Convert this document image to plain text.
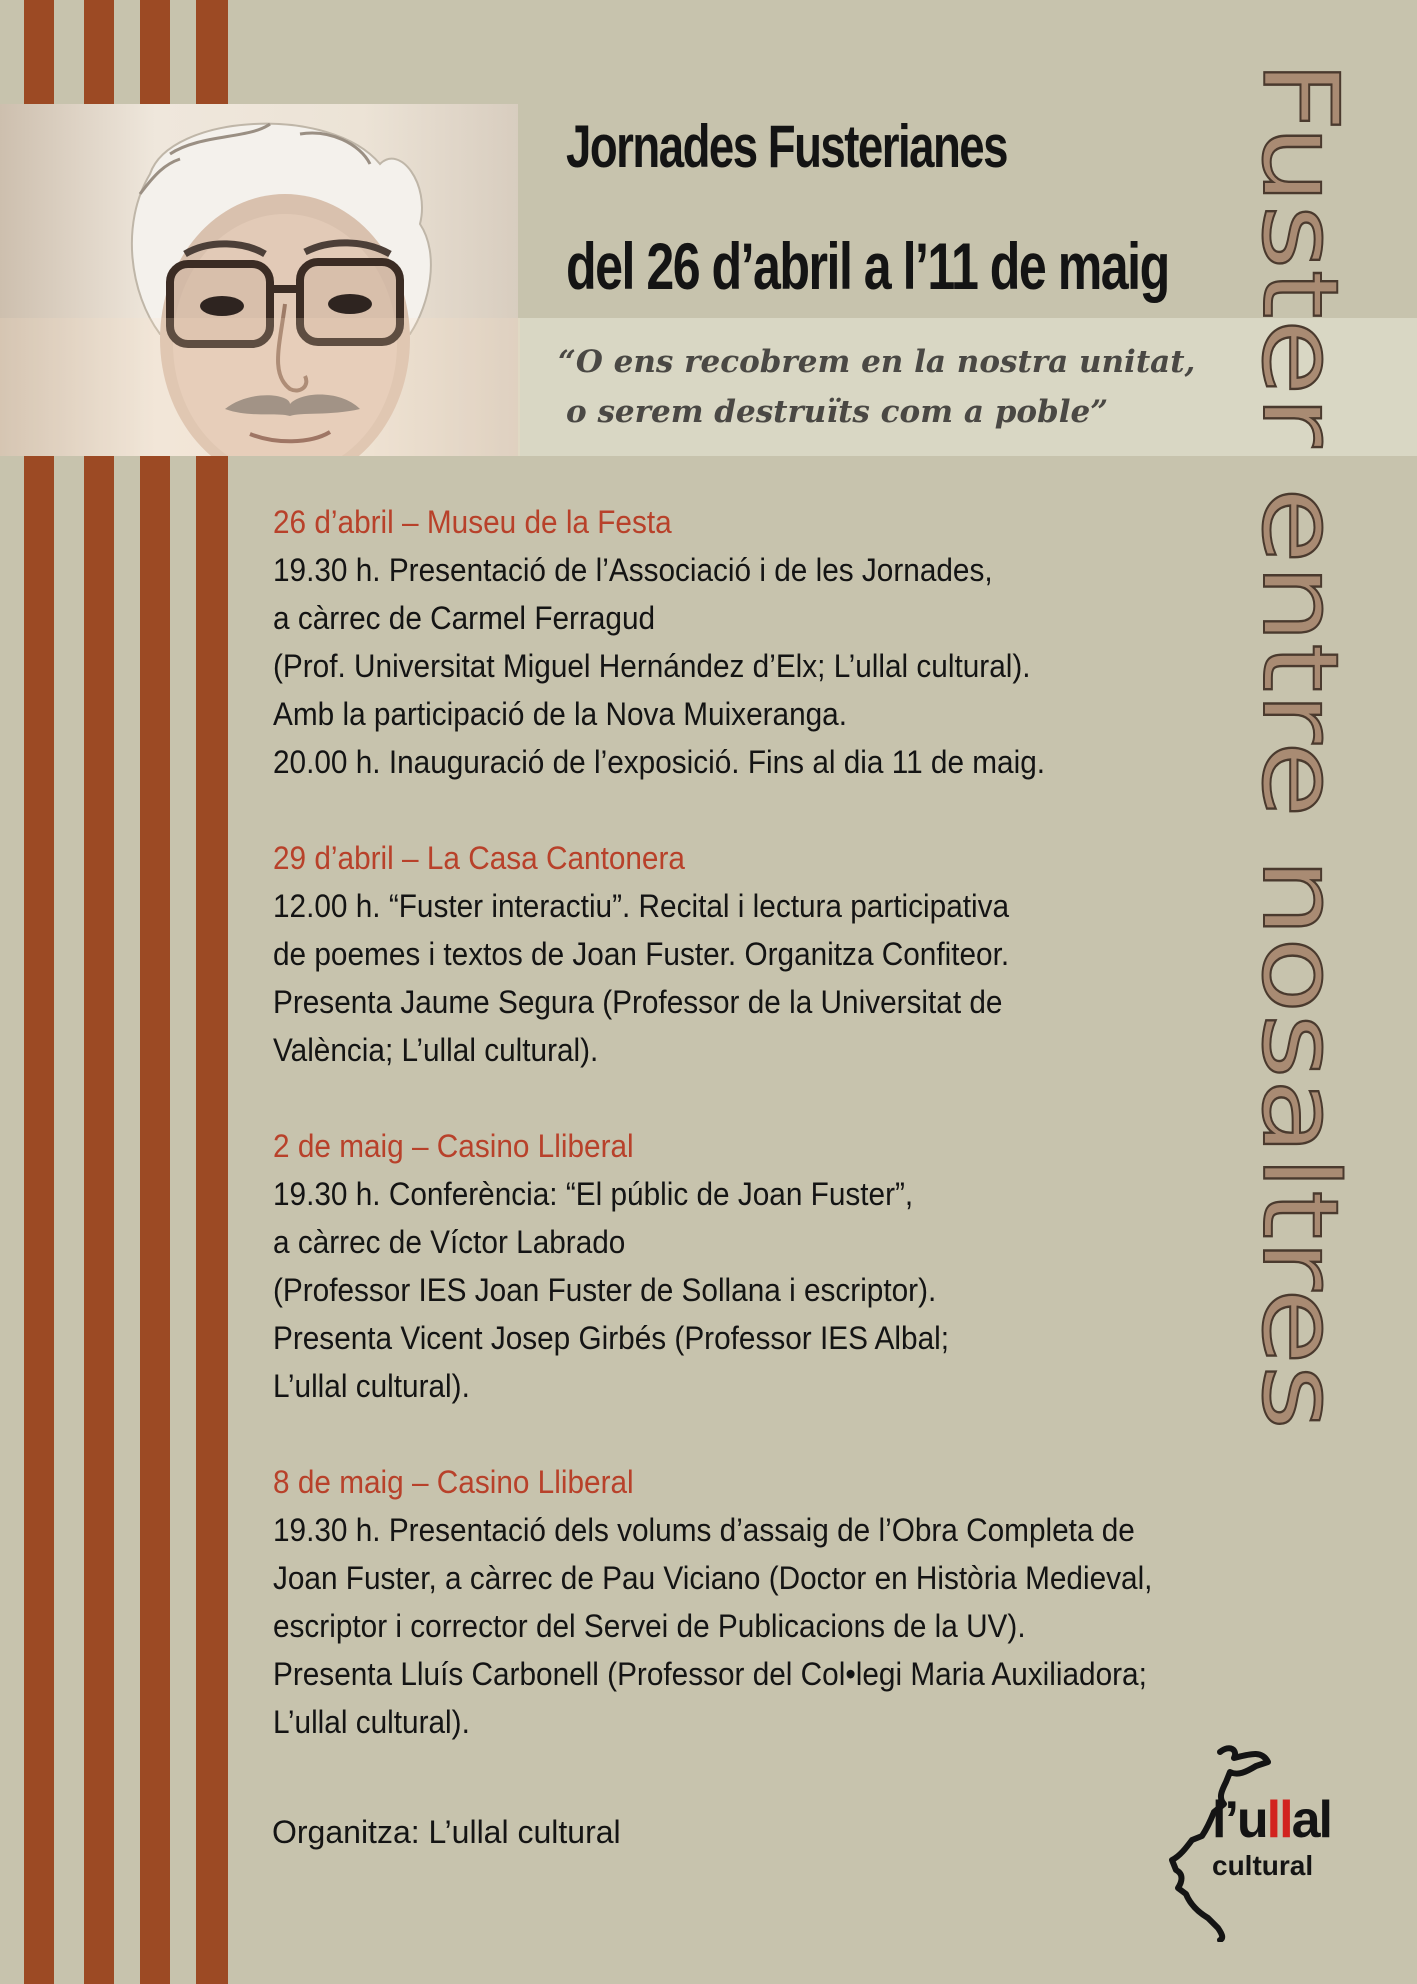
Jornades Fusterianes
del 26 d’abril a l’11 de maig
“O ens recobrem en la nostra unitat,
o serem destruïts com a poble” Fuster entre nosaltres
26 d’abril – Museu de la Festa
19.30 h. Presentació de l’Associació i de les Jornades,
a càrrec de Carmel Ferragud
(Prof. Universitat Miguel Hernández d’Elx; L’ullal cultural).
Amb la participació de la Nova Muixeranga.
20.00 h. Inauguració de l’exposició. Fins al dia 11 de maig.
29 d’abril – La Casa Cantonera
12.00 h. “Fuster interactiu”. Recital i lectura participativa
de poemes i textos de Joan Fuster. Organitza Confiteor.
Presenta Jaume Segura (Professor de la Universitat de
València; L’ullal cultural).
2 de maig – Casino Lliberal
19.30 h. Conferència: “El públic de Joan Fuster”,
a càrrec de Víctor Labrado
(Professor IES Joan Fuster de Sollana i escriptor).
Presenta Vicent Josep Girbés (Professor IES Albal;
L’ullal cultural).
8 de maig – Casino Lliberal
19.30 h. Presentació dels volums d’assaig de l’Obra Completa de
Joan Fuster, a càrrec de Pau Viciano (Doctor en Història Medieval,
escriptor i corrector del Servei de Publicacions de la UV).
Presenta Lluís Carbonell (Professor del Col•legi Maria Auxiliadora;
L’ullal cultural).
Organitza: L’ullal cultural	l’ullal
cultural
